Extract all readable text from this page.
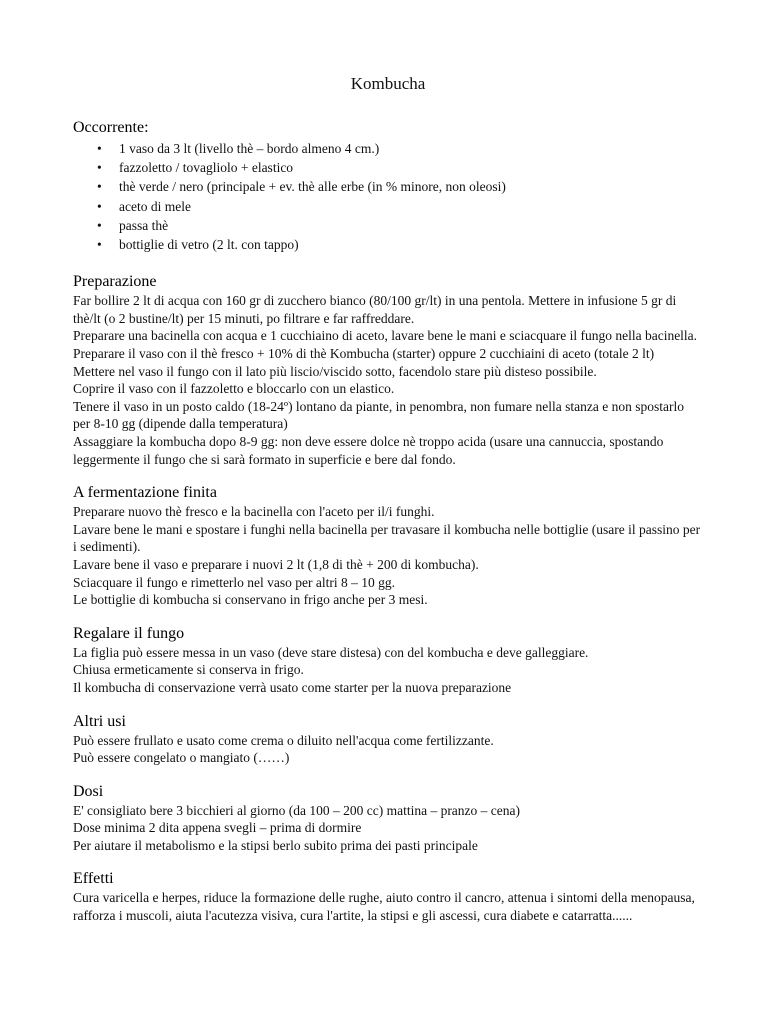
Kombucha
Occorrente:
• 1 vaso da 3 lt (livello thè – bordo almeno 4 cm.)
• fazzoletto / tovagliolo + elastico
• thè verde / nero (principale + ev. thè alle erbe (in % minore, non oleosi)
• aceto di mele
• passa thè
• bottiglie di vetro (2 lt. con tappo)
Preparazione

Far bollire 2 lt di acqua con 160 gr di zucchero bianco (80/100 gr/lt) in una pentola. Mettere in infusione 5 gr di thè/lt (o 2 bustine/lt) per 15 minuti, po filtrare e far raffreddare.

Preparare una bacinella con acqua e 1 cucchiaino di aceto, lavare bene le mani e sciacquare il fungo nella bacinella.

Preparare il vaso con il thè fresco + 10% di thè Kombucha (starter) oppure 2 cucchiaini di aceto (totale 2 lt)

Mettere nel vaso il fungo con il lato più liscio/viscido sotto, facendolo stare più disteso possibile.

Coprire il vaso con il fazzoletto e bloccarlo con un elastico.

Tenere il vaso in un posto caldo (18-24º) lontano da piante, in penombra, non fumare nella stanza e non spostarlo per 8-10 gg (dipende dalla temperatura)

Assaggiare la kombucha dopo 8-9 gg: non deve essere dolce nè troppo acida (usare una cannuccia, spostando leggermente il fungo che si sarà formato in superficie e bere dal fondo.

A fermentazione finita

Preparare nuovo thè fresco e la bacinella con l'aceto per il/i funghi.

Lavare bene le mani e spostare i funghi nella bacinella per travasare il kombucha nelle bottiglie (usare il passino per i sedimenti).

Lavare bene il vaso e preparare i nuovi 2 lt (1,8 di thè + 200 di kombucha).

Sciacquare il fungo e rimetterlo nel vaso per altri 8 – 10 gg.

Le bottiglie di kombucha si conservano in frigo anche per 3 mesi.

Regalare il fungo

La figlia può essere messa in un vaso (deve stare distesa) con del kombucha e deve galleggiare.

Chiusa ermeticamente si conserva in frigo.

Il kombucha di conservazione verrà usato come starter per la nuova preparazione

Altri usi

Può essere frullato e usato come crema o diluito nell'acqua come fertilizzante.

Può essere congelato o mangiato (……)

Dosi

E' consigliato bere 3 bicchieri al giorno (da 100 – 200 cc) mattina – pranzo – cena)

Dose minima 2 dita appena svegli – prima di dormire

Per aiutare il metabolismo e la stipsi berlo subito prima dei pasti principale

Effetti

Cura varicella e herpes, riduce la formazione delle rughe, aiuto contro il cancro, attenua i sintomi della menopausa, rafforza i muscoli, aiuta l'acutezza visiva, cura l'artite, la stipsi e gli ascessi, cura diabete e catarratta......
